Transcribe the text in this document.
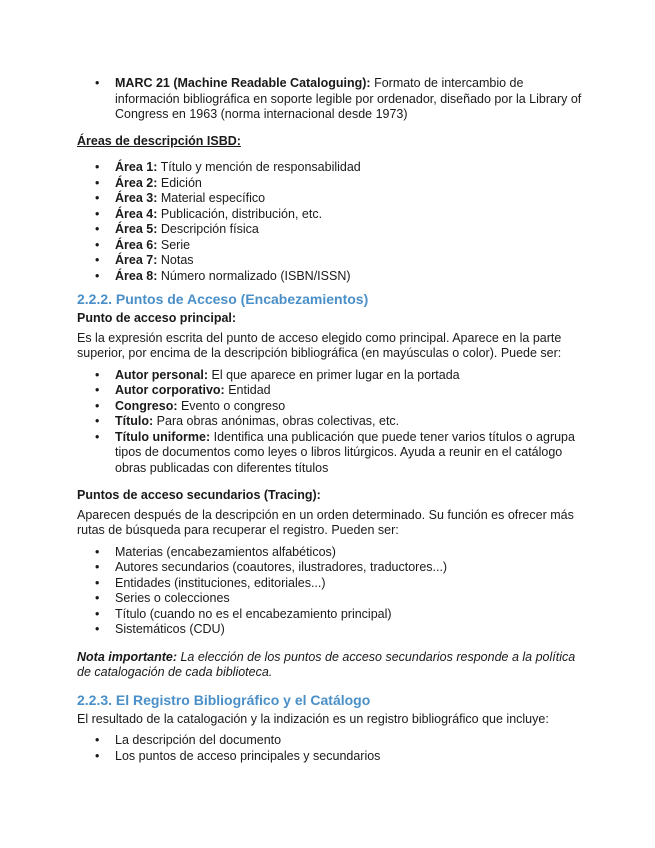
• MARC 21 (Machine Readable Cataloguing): Formato de intercambio de información bibliográfica en soporte legible por ordenador, diseñado por la Library of Congress en 1963 (norma internacional desde 1973)
Áreas de descripción ISBD:
• Área 1: Título y mención de responsabilidad
• Área 2: Edición
• Área 3: Material específico
• Área 4: Publicación, distribución, etc.
• Área 5: Descripción física
• Área 6: Serie
• Área 7: Notas
• Área 8: Número normalizado (ISBN/ISSN)
2.2.2. Puntos de Acceso (Encabezamientos)
Punto de acceso principal:
Es la expresión escrita del punto de acceso elegido como principal. Aparece en la parte superior, por encima de la descripción bibliográfica (en mayúsculas o color). Puede ser:
• Autor personal: El que aparece en primer lugar en la portada
• Autor corporativo: Entidad
• Congreso: Evento o congreso
• Título: Para obras anónimas, obras colectivas, etc.
• Título uniforme: Identifica una publicación que puede tener varios títulos o agrupa tipos de documentos como leyes o libros litúrgicos. Ayuda a reunir en el catálogo obras publicadas con diferentes títulos
Puntos de acceso secundarios (Tracing):
Aparecen después de la descripción en un orden determinado. Su función es ofrecer más rutas de búsqueda para recuperar el registro. Pueden ser:
• Materias (encabezamientos alfabéticos)
• Autores secundarios (coautores, ilustradores, traductores...)
• Entidades (instituciones, editoriales...)
• Series o colecciones
• Título (cuando no es el encabezamiento principal)
• Sistemáticos (CDU)
Nota importante: La elección de los puntos de acceso secundarios responde a la política de catalogación de cada biblioteca.
2.2.3. El Registro Bibliográfico y el Catálogo
El resultado de la catalogación y la indización es un registro bibliográfico que incluye:
• La descripción del documento
• Los puntos de acceso principales y secundarios
